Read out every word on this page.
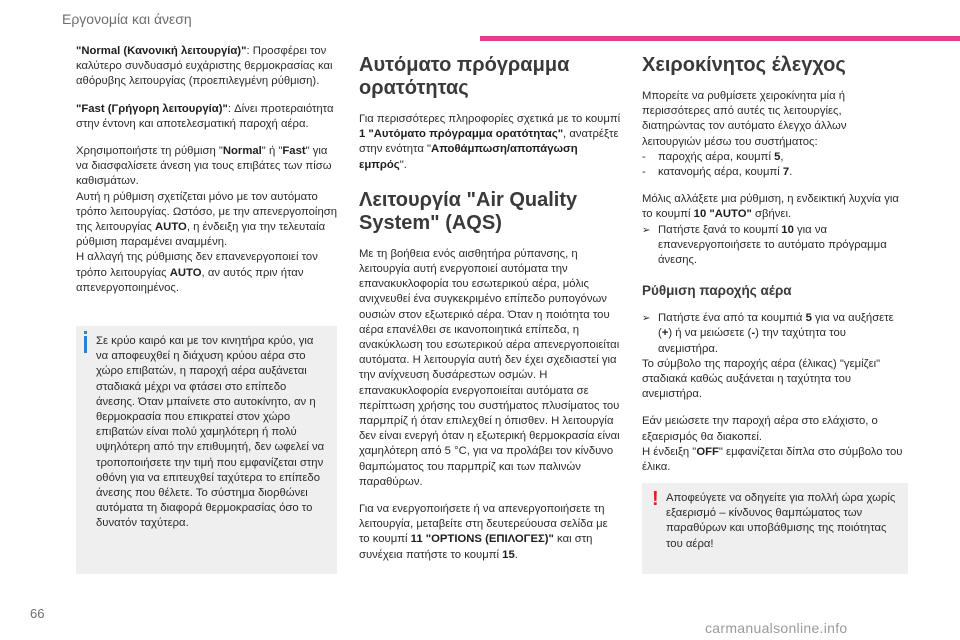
Εργονομία και άνεση

"Normal (Κανονική λειτουργία)": Προσφέρει τον καλύτερο συνδυασμό ευχάριστης θερμοκρασίας και αθόρυβης λειτουργίας (προεπιλεγμένη ρύθμιση).

"Fast (Γρήγορη λειτουργία)": Δίνει προτεραιότητα στην έντονη και αποτελεσματική παροχή αέρα.

Χρησιμοποιήστε τη ρύθμιση "Normal" ή "Fast" για να διασφαλίσετε άνεση για τους επιβάτες των πίσω καθισμάτων.
Αυτή η ρύθμιση σχετίζεται μόνο με τον αυτόματο τρόπο λειτουργίας. Ωστόσο, με την απενεργοποίηση της λειτουργίας AUTO, η ένδειξη για την τελευταία ρύθμιση παραμένει αναμμένη.
Η αλλαγή της ρύθμισης δεν επανενεργοποιεί τον τρόπο λειτουργίας AUTO, αν αυτός πριν ήταν απενεργοποιημένος.

Σε κρύο καιρό και με τον κινητήρα κρύο, για να αποφευχθεί η διάχυση κρύου αέρα στο χώρο επιβατών, η παροχή αέρα αυξάνεται σταδιακά μέχρι να φτάσει στο επίπεδο άνεσης. Όταν μπαίνετε στο αυτοκίνητο, αν η θερμοκρασία που επικρατεί στον χώρο επιβατών είναι πολύ χαμηλότερη ή πολύ υψηλότερη από την επιθυμητή, δεν ωφελεί να τροποποιήσετε την τιμή που εμφανίζεται στην οθόνη για να επιτευχθεί ταχύτερα το επίπεδο άνεσης που θέλετε. Το σύστημα διορθώνει αυτόματα τη διαφορά θερμοκρασίας όσο το δυνατόν ταχύτερα.
Αυτόματο πρόγραμμα ορατότητας

Για περισσότερες πληροφορίες σχετικά με το κουμπί 1 "Αυτόματο πρόγραμμα ορατότητας", ανατρέξτε στην ενότητα "Αποθάμπωση/αποπάγωση εμπρός".

Λειτουργία "Air Quality System" (AQS)

Με τη βοήθεια ενός αισθητήρα ρύπανσης, η λειτουργία αυτή ενεργοποιεί αυτόματα την επανακυκλοφορία του εσωτερικού αέρα, μόλις ανιχνευθεί ένα συγκεκριμένο επίπεδο ρυπογόνων ουσιών στον εξωτερικό αέρα. Όταν η ποιότητα του αέρα επανέλθει σε ικανοποιητικά επίπεδα, η ανακύκλωση του εσωτερικού αέρα απενεργοποιείται αυτόματα. Η λειτουργία αυτή δεν έχει σχεδιαστεί για την ανίχνευση δυσάρεστων οσμών. Η επανακυκλοφορία ενεργοποιείται αυτόματα σε περίπτωση χρήσης του συστήματος πλυσίματος του παρμπρίζ ή όταν επιλεχθεί η όπισθεν. Η λειτουργία δεν είναι ενεργή όταν η εξωτερική θερμοκρασία είναι χαμηλότερη από 5 °C, για να προλάβει τον κίνδυνο θαμπώματος του παρμπρίζ και των παλινών παραθύρων.

Για να ενεργοποιήσετε ή να απενεργοποιήσετε τη λειτουργία, μεταβείτε στη δευτερεύουσα σελίδα με το κουμπί 11 "OPTIONS (ΕΠΙΛΟΓΕΣ)" και στη συνέχεια πατήστε το κουμπί 15.

Χειροκίνητος έλεγχος

Μπορείτε να ρυθμίσετε χειροκίνητα μία ή περισσότερες από αυτές τις λειτουργίες, διατηρώντας τον αυτόματο έλεγχο άλλων λειτουργιών μέσω του συστήματος:

-	παροχής αέρα, κουμπί 5,
-	κατανομής αέρα, κουμπί 7.

Μόλις αλλάξετε μια ρύθμιση, η ενδεικτική λυχνία για το κουμπί 10 "AUTO" σβήνει.

➢ Πατήστε ξανά το κουμπί 10 για να επανενεργοποιήσετε το αυτόματο πρόγραμμα άνεσης.
Ρύθμιση παροχής αέρα
➢ Πατήστε ένα από τα κουμπιά 5 για να αυξήσετε (+) ή να μειώσετε (-) την ταχύτητα του ανεμιστήρα.

Το σύμβολο της παροχής αέρα (έλικας) "γεμίζει" σταδιακά καθώς αυξάνεται η ταχύτητα του ανεμιστήρα.

Εάν μειώσετε την παροχή αέρα στο ελάχιστο, ο εξαερισμός θα διακοπεί.
Η ένδειξη "OFF" εμφανίζεται δίπλα στο σύμβολο του έλικα.

! Αποφεύγετε να οδηγείτε για πολλή ώρα χωρίς εξαερισμό – κίνδυνος θαμπώματος των παραθύρων και υποβάθμισης της ποιότητας του αέρα!
66
carmanualsonline.info
